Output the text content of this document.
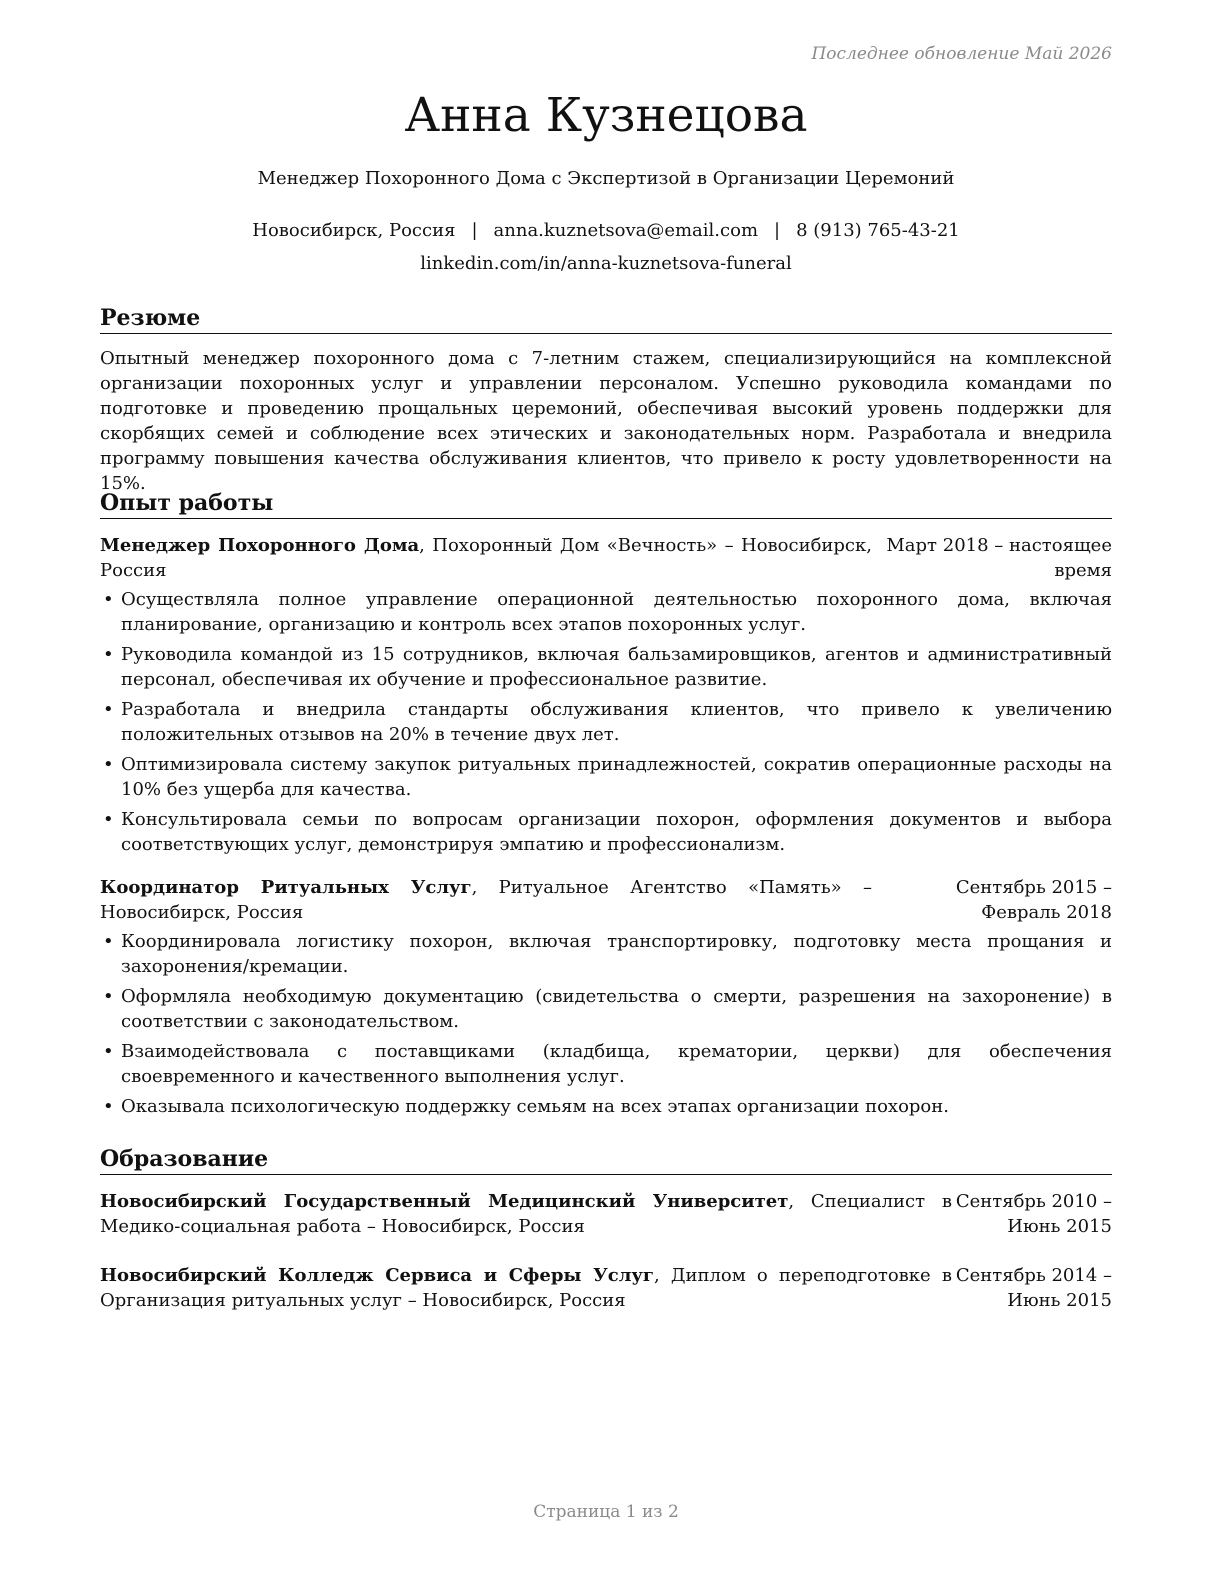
Последнее обновление Май 2026
Анна Кузнецова
Менеджер Похоронного Дома с Экспертизой в Организации Церемоний
Новосибирск, Россия | anna.kuznetsova@email.com | 8 (913) 765-43-21
linkedin.com/in/anna-kuznetsova-funeral
Резюме
Опытный менеджер похоронного дома с 7-летним стажем, специализирующийся на комплексной организации похоронных услуг и управлении персоналом. Успешно руководила командами по подготовке и проведению прощальных церемоний, обеспечивая высокий уровень поддержки для скорбящих семей и соблюдение всех этических и законодательных норм. Разработала и внедрила программу повышения качества обслуживания клиентов, что привело к росту удовлетворенности на 15%.
Опыт работы
Менеджер Похоронного Дома, Похоронный Дом «Вечность» – Новосибирск, Россия
Март 2018 – настоящее время
• Осуществляла полное управление операционной деятельностью похоронного дома, включая планирование, организацию и контроль всех этапов похоронных услуг.
• Руководила командой из 15 сотрудников, включая бальзамировщиков, агентов и административный персонал, обеспечивая их обучение и профессиональное развитие.
• Разработала и внедрила стандарты обслуживания клиентов, что привело к увеличению положительных отзывов на 20% в течение двух лет.
• Оптимизировала систему закупок ритуальных принадлежностей, сократив операционные расходы на 10% без ущерба для качества.
• Консультировала семьи по вопросам организации похорон, оформления документов и выбора соответствующих услуг, демонстрируя эмпатию и профессионализм.
Координатор Ритуальных Услуг, Ритуальное Агентство «Память» – Новосибирск, Россия
Сентябрь 2015 – Февраль 2018
• Координировала логистику похорон, включая транспортировку, подготовку места прощания и захоронения/кремации.
• Оформляла необходимую документацию (свидетельства о смерти, разрешения на захоронение) в соответствии с законодательством.
• Взаимодействовала с поставщиками (кладбища, крематории, церкви) для обеспечения своевременного и качественного выполнения услуг.
• Оказывала психологическую поддержку семьям на всех этапах организации похорон.
Образование
Новосибирский Государственный Медицинский Университет, Специалист в Медико-социальная работа – Новосибирск, Россия
Сентябрь 2010 – Июнь 2015
Новосибирский Колледж Сервиса и Сферы Услуг, Диплом о переподготовке в Организация ритуальных услуг – Новосибирск, Россия
Сентябрь 2014 – Июнь 2015
Страница 1 из 2
